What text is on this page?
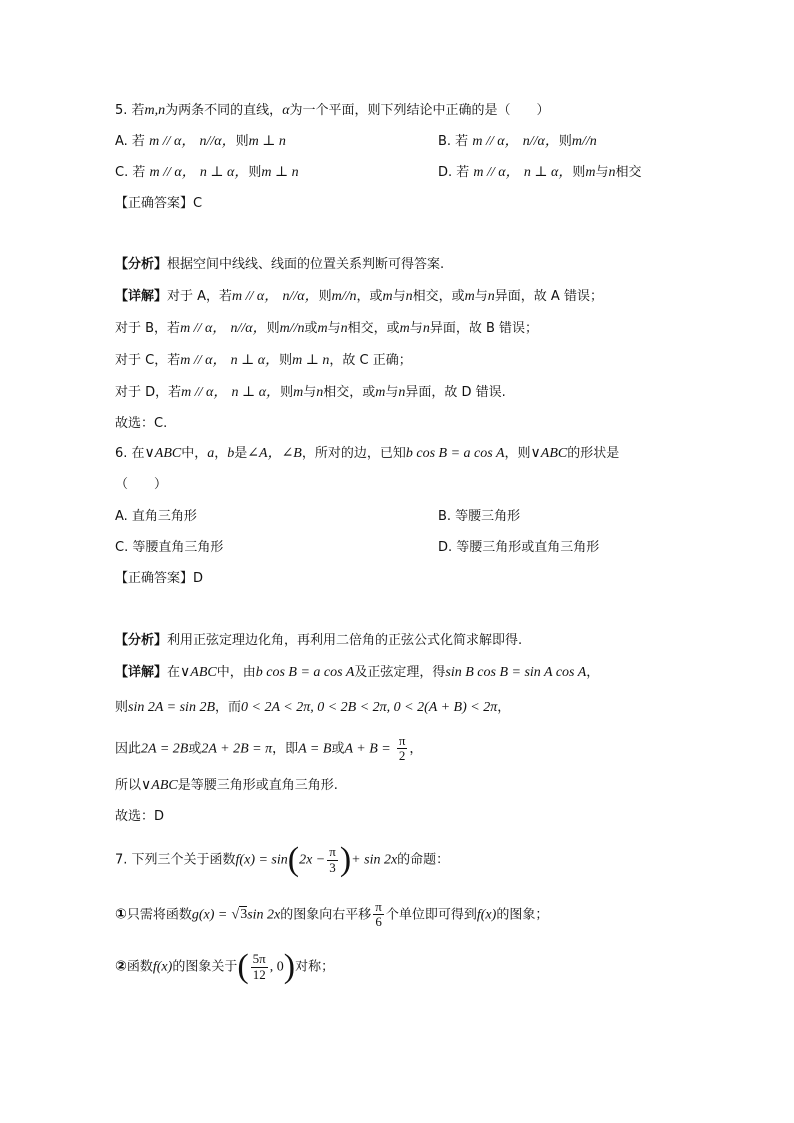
5. 若m,n为两条不同的直线，α为一个平面，则下列结论中正确的是（　　）
A. 若 m // α， n//α，则m ⊥ n	B. 若 m // α， n//α，则m//n
C. 若 m // α， n ⊥ α，则m ⊥ n	D. 若 m // α， n ⊥ α，则m与n相交
【正确答案】C
【分析】根据空间中线线、线面的位置关系判断可得答案.
【详解】对于 A，若m // α， n//α，则m//n，或m与n相交，或m与n异面，故 A 错误；
对于 B，若m // α， n//α，则m//n或m与n相交，或m与n异面，故 B 错误；
对于 C，若m // α， n ⊥ α，则m ⊥ n，故 C 正确；
对于 D，若m // α， n ⊥ α，则m与n相交，或m与n异面，故 D 错误.
故选：C.
6. 在∨ABC中，a，b是∠A，∠B，所对的边，已知b cos B = a cos A，则∨ABC的形状是
（　　）
A. 直角三角形	B. 等腰三角形
C. 等腰直角三角形	D. 等腰三角形或直角三角形
【正确答案】D
【分析】利用正弦定理边化角，再利用二倍角的正弦公式化简求解即得.
【详解】在∨ABC中，由b cos B = a cos A及正弦定理，得sin B cos B = sin A cos A，
则sin 2A = sin 2B，而0 < 2A < 2π, 0 < 2B < 2π, 0 < 2(A + B) < 2π，
因此2A = 2B或2A + 2B = π，即A = B或$A + B = \frac{\pi}{2}$ ，
所以∨ABC是等腰三角形或直角三角形.
故选：D
7. 下列三个关于函数$f(x) = \sin(2x - \frac{\pi}{3}$ )+ sin 2x的命题：
①只需将函数g(x) = √3sin 2x的图象向右平移 $\frac{\pi}{6}$ 个单位即可得到f(x)的图象；
②函数f(x)的图象关于( $\frac{5\pi}{12}$ , 0)对称；
